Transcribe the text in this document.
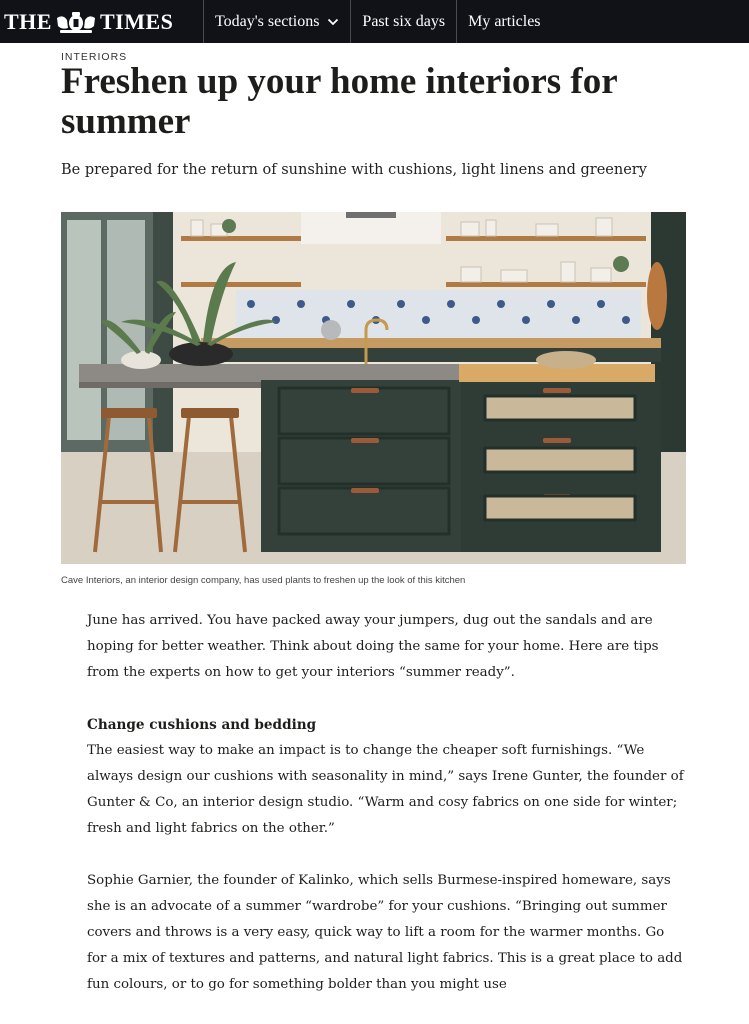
THE TIMES	Today's sections	Past six days My articles
INTERIORS
Freshen up your home interiors for summer
Be prepared for the return of sunshine with cushions, light linens and greenery
Cave Interiors, an interior design company, has used plants to freshen up the look of this kitchen

June has arrived. You have packed away your jumpers, dug out the sandals and are hoping for better weather. Think about doing the same for your home. Here are tips from the experts on how to get your interiors “summer ready”.

Change cushions and bedding

The easiest way to make an impact is to change the cheaper soft furnishings. “We always design our cushions with seasonality in mind,” says Irene Gunter, the founder of Gunter & Co, an interior design studio. “Warm and cosy fabrics on one side for winter; fresh and light fabrics on the other.”

Sophie Garnier, the founder of Kalinko, which sells Burmese-inspired homeware, says she is an advocate of a summer “wardrobe” for your cushions. “Bringing out summer covers and throws is a very easy, quick way to lift a room for the warmer months. Go for a mix of textures and patterns, and natural light fabrics. This is a great place to add fun colours, or to go for something bolder than you might use
